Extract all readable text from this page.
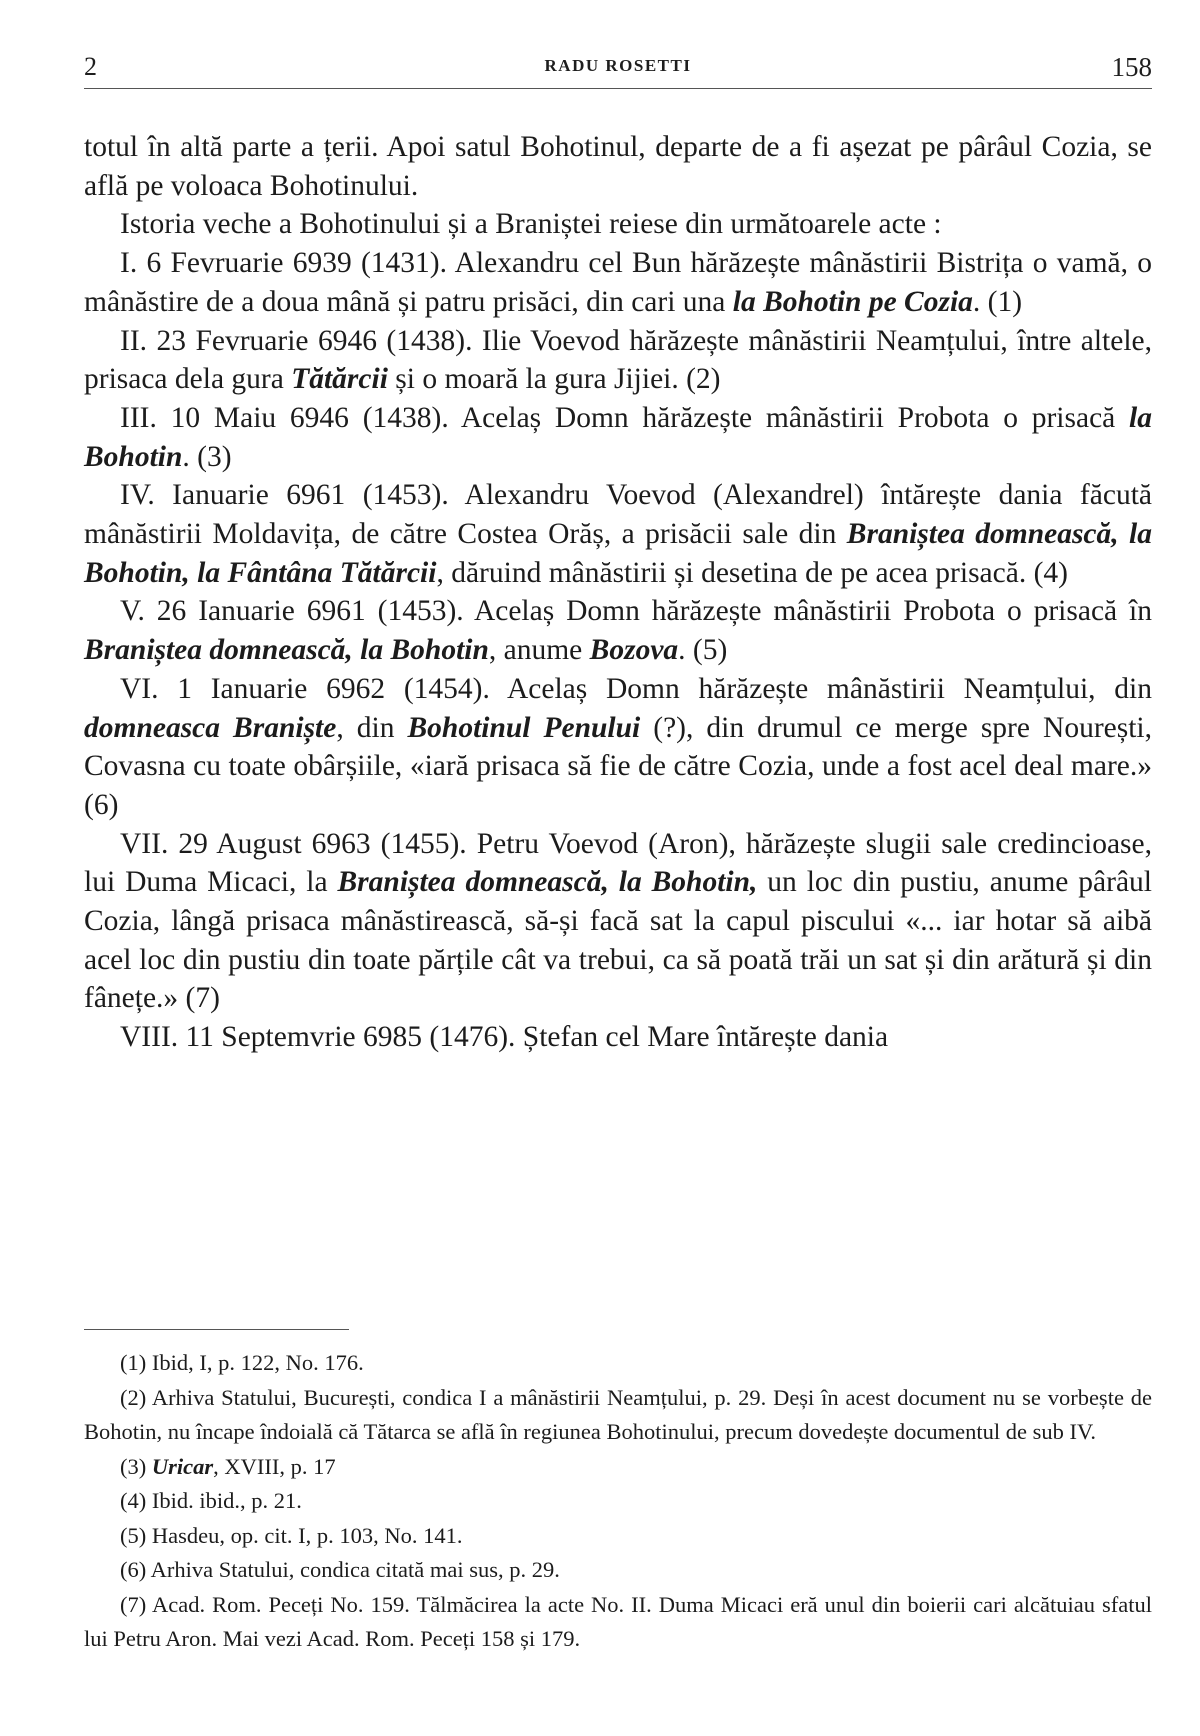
2	RADU ROSETTI	158

totul în altă parte a țerii. Apoi satul Bohotinul, departe de a fi așezat pe pârâul Cozia, se află pe voloaca Bohotinului.

Istoria veche a Bohotinului și a Braniștei reiese din următoarele acte :

I. 6 Fevruarie 6939 (1431). Alexandru cel Bun hărăzește mânăstirii Bistrița o vamă, o mânăstire de a doua mână și patru prisăci, din cari una la Bohotin pe Cozia. (1)

II. 23 Fevruarie 6946 (1438). Ilie Voevod hărăzește mânăstirii Neamțului, între altele, prisaca dela gura Tătărcii și o moară la gura Jijiei. (2)

III. 10 Maiu 6946 (1438). Acelaș Domn hărăzește mânăstirii Probota o prisacă la Bohotin. (3)

IV. Ianuarie 6961 (1453). Alexandru Voevod (Alexandrel) întărește dania făcută mânăstirii Moldavița, de către Costea Orăș, a prisăcii sale din Braniștea domnească, la Bohotin, la Fântâna Tătărcii, dăruind mânăstirii și desetina de pe acea prisacă. (4)

V. 26 Ianuarie 6961 (1453). Acelaș Domn hărăzește mânăstirii Probota o prisacă în Braniștea domnească, la Bohotin, anume Bozova. (5)

VI. 1 Ianuarie 6962 (1454). Acelaș Domn hărăzește mânăstirii Neamțului, din domneasca Braniște, din Bohotinul Penului (?), din drumul ce merge spre Nourești, Covasna cu toate obârșiile, «iară prisaca să fie de către Cozia, unde a fost acel deal mare.» (6)

VII. 29 August 6963 (1455). Petru Voevod (Aron), hărăzește slugii sale credincioase, lui Duma Micaci, la Braniștea domnească, la Bohotin, un loc din pustiu, anume pârâul Cozia, lângă prisaca mânăstirească, să-și facă sat la capul piscului «... iar hotar să aibă acel loc din pustiu din toate părțile cât va trebui, ca să poată trăi un sat și din arătură și din fânețe.» (7)

VIII. 11 Septemvrie 6985 (1476). Ștefan cel Mare întărește dania

(1) Ibid, I, p. 122, No. 176.

(2) Arhiva Statului, București, condica I a mânăstirii Neamțului, p. 29. Deși în acest document nu se vorbește de Bohotin, nu încape îndoială că Tătarca se află în regiunea Bohotinului, precum dovedește documentul de sub IV.

(3) Uricar, XVIII, p. 17

(4) Ibid. ibid., p. 21.

(5) Hasdeu, op. cit. I, p. 103, No. 141.

(6) Arhiva Statului, condica citată mai sus, p. 29.

(7) Acad. Rom. Peceți No. 159. Tălmăcirea la acte No. II. Duma Micaci eră unul din boierii cari alcătuiau sfatul lui Petru Aron. Mai vezi Acad. Rom. Peceți 158 și 179.
